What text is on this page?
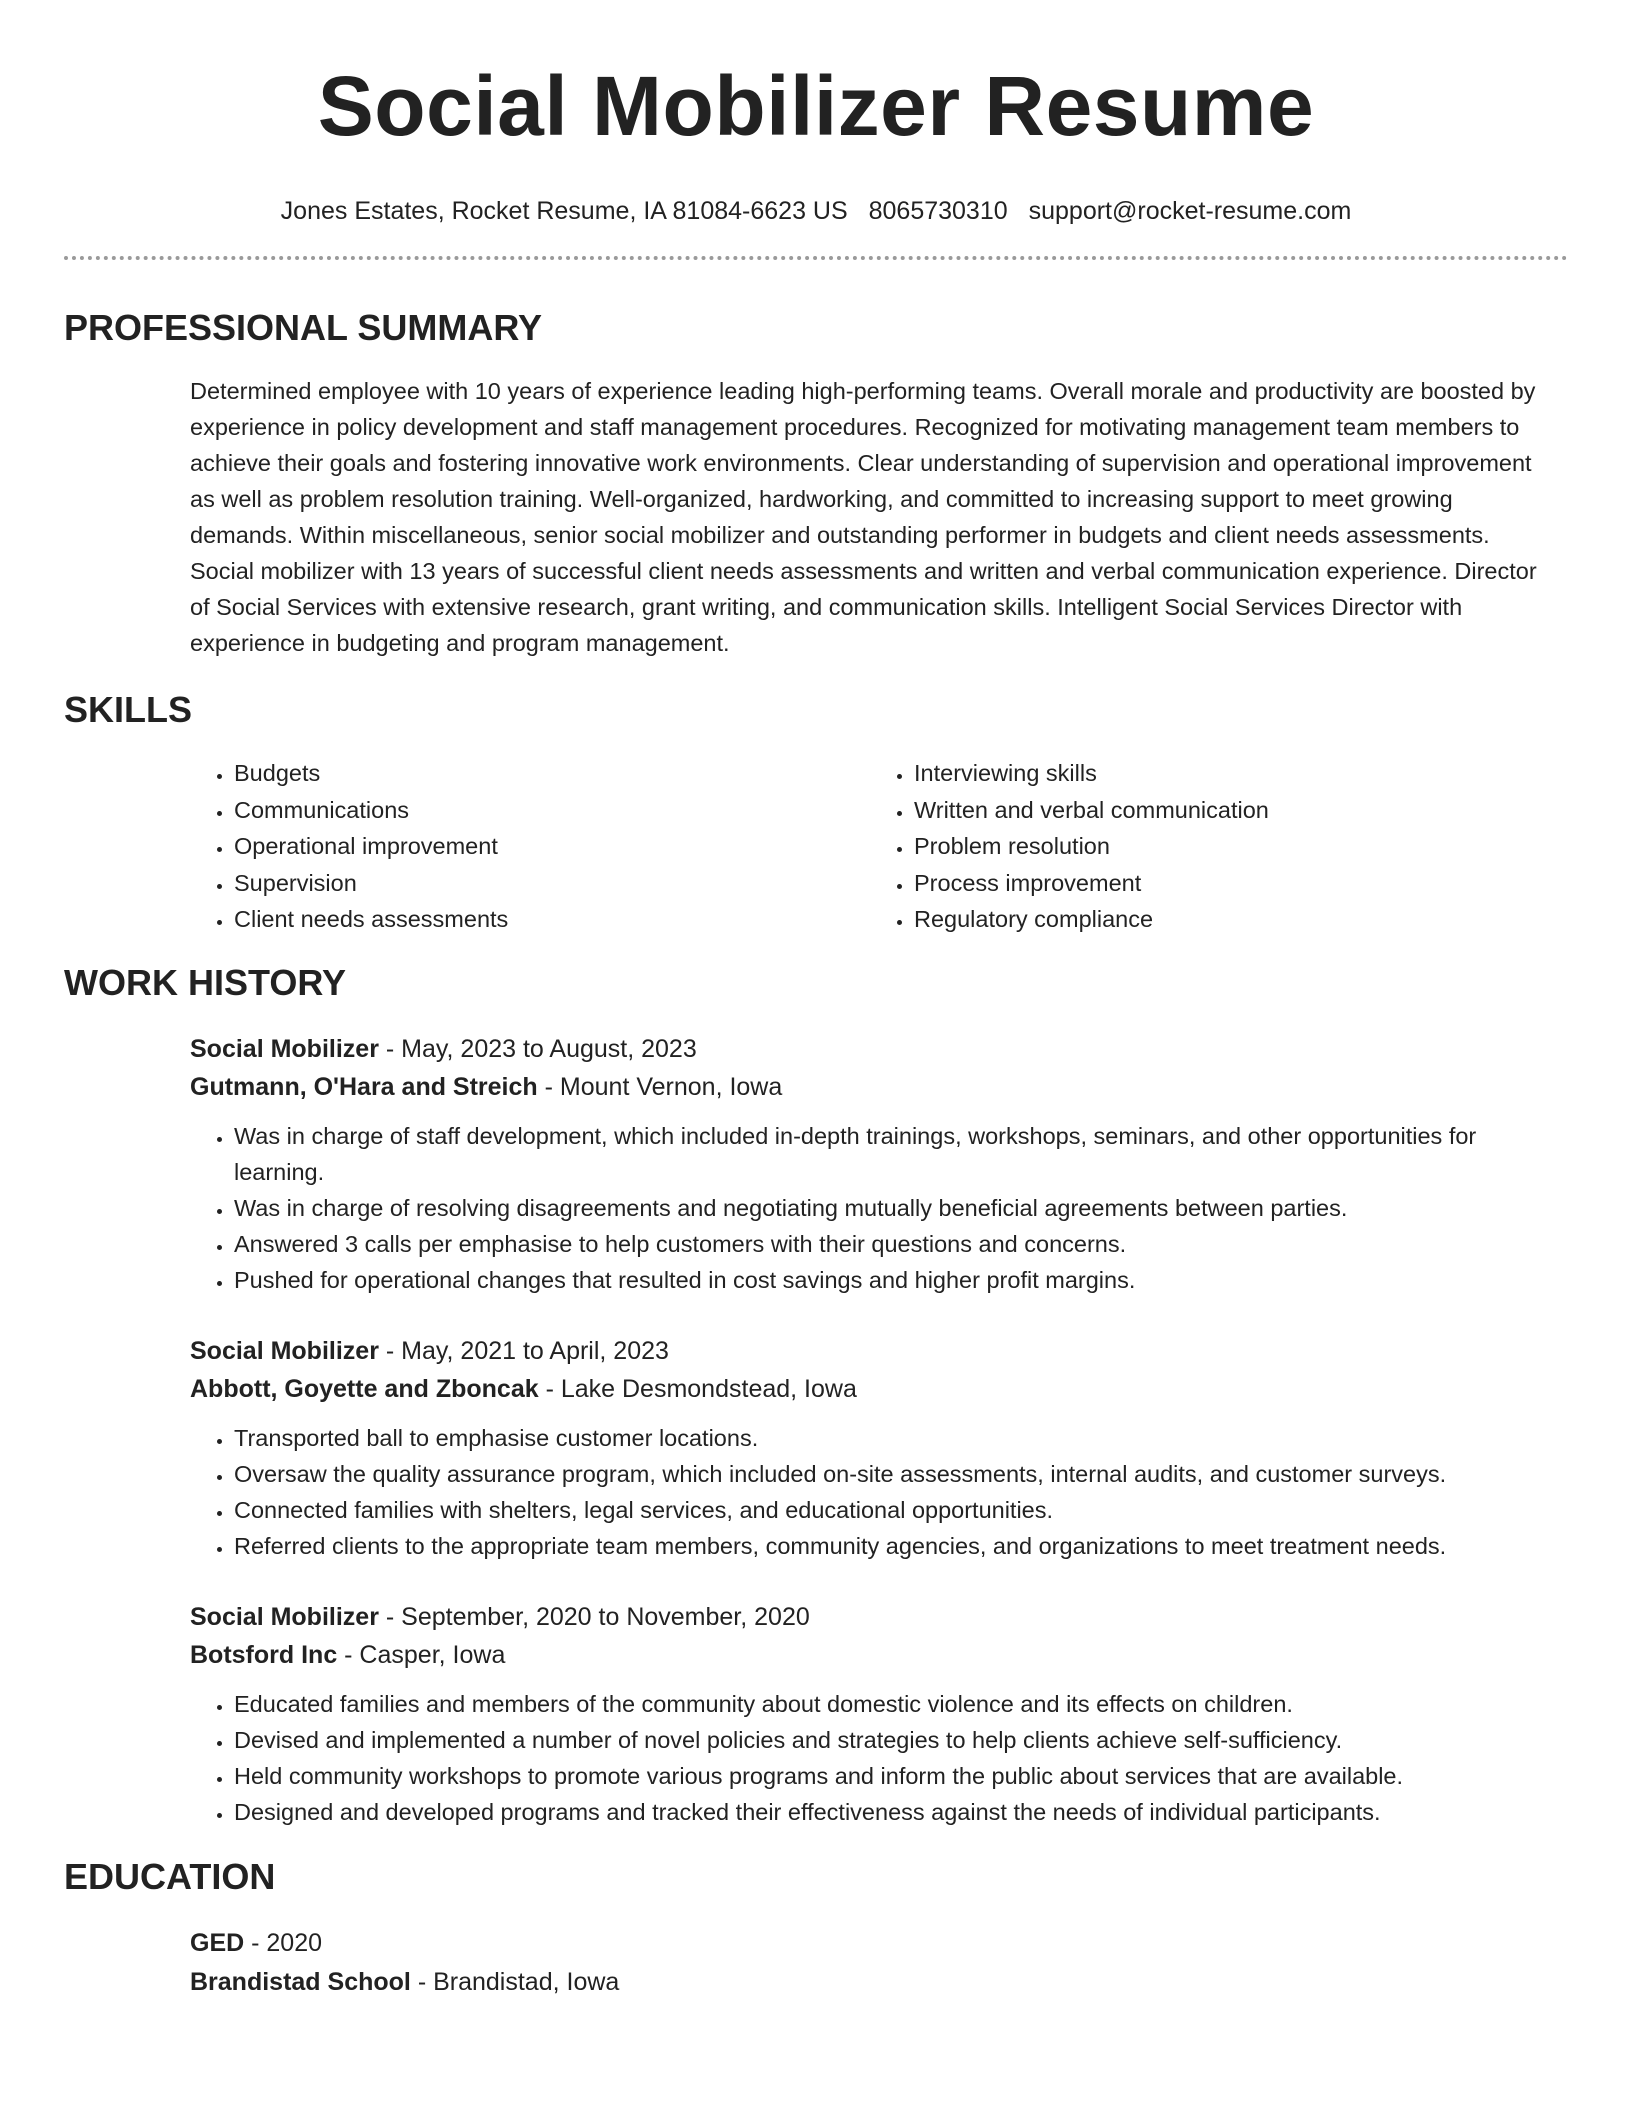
Social Mobilizer Resume
Jones Estates, Rocket Resume, IA 81084-6623 US 8065730310 support@rocket-resume.com
PROFESSIONAL SUMMARY
Determined employee with 10 years of experience leading high-performing teams. Overall morale and productivity are boosted by experience in policy development and staff management procedures. Recognized for motivating management team members to achieve their goals and fostering innovative work environments. Clear understanding of supervision and operational improvement as well as problem resolution training. Well-organized, hardworking, and committed to increasing support to meet growing demands. Within miscellaneous, senior social mobilizer and outstanding performer in budgets and client needs assessments. Social mobilizer with 13 years of successful client needs assessments and written and verbal communication experience. Director of Social Services with extensive research, grant writing, and communication skills. Intelligent Social Services Director with experience in budgeting and program management.
SKILLS
• Budgets
• Communications
• Operational improvement
• Supervision
• Client needs assessments
• Interviewing skills
• Written and verbal communication
• Problem resolution
• Process improvement
• Regulatory compliance
WORK HISTORY
Social Mobilizer - May, 2023 to August, 2023
Gutmann, O'Hara and Streich - Mount Vernon, Iowa
• Was in charge of staff development, which included in-depth trainings, workshops, seminars, and other opportunities for learning.
• Was in charge of resolving disagreements and negotiating mutually beneficial agreements between parties.
• Answered 3 calls per emphasise to help customers with their questions and concerns.
• Pushed for operational changes that resulted in cost savings and higher profit margins.
Social Mobilizer - May, 2021 to April, 2023
Abbott, Goyette and Zboncak - Lake Desmondstead, Iowa
• Transported ball to emphasise customer locations.
• Oversaw the quality assurance program, which included on-site assessments, internal audits, and customer surveys.
• Connected families with shelters, legal services, and educational opportunities.
• Referred clients to the appropriate team members, community agencies, and organizations to meet treatment needs.
Social Mobilizer - September, 2020 to November, 2020
Botsford Inc - Casper, Iowa
• Educated families and members of the community about domestic violence and its effects on children.
• Devised and implemented a number of novel policies and strategies to help clients achieve self-sufficiency.
• Held community workshops to promote various programs and inform the public about services that are available.
• Designed and developed programs and tracked their effectiveness against the needs of individual participants.
EDUCATION
GED - 2020
Brandistad School - Brandistad, Iowa
